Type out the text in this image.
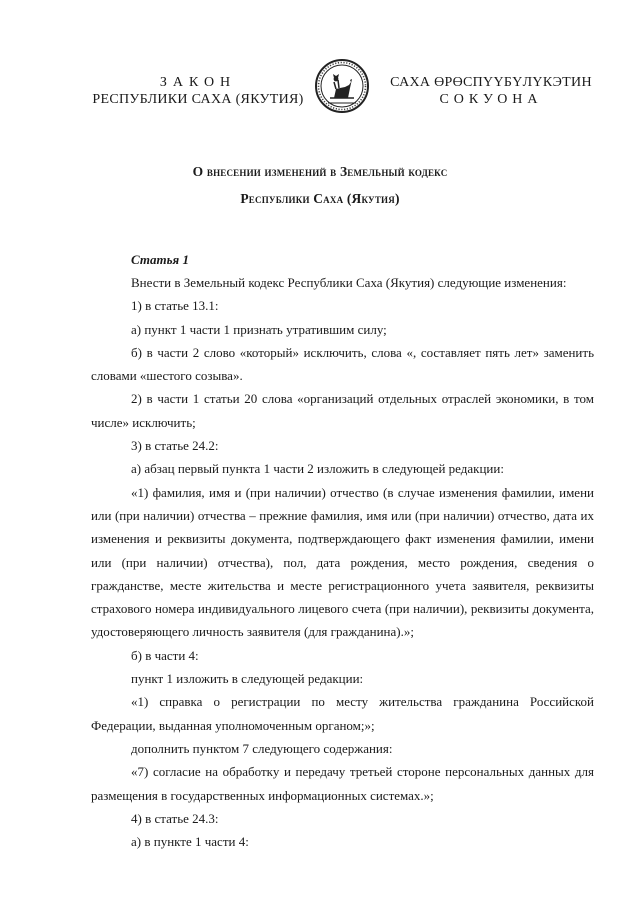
ЗАКОН
РЕСПУБЛИКИ САХА (ЯКУТИЯ)
САХА ӨРӨСПҮҮБҮЛҮКЭТИН
СОКУОНА
О внесении изменений в Земельный кодекс
Республики Саха (Якутия)
Статья 1

Внести в Земельный кодекс Республики Саха (Якутия) следующие изменения:

1) в статье 13.1:

а) пункт 1 части 1 признать утратившим силу;

б) в части 2 слово «который» исключить, слова «, составляет пять лет» заменить словами «шестого созыва».

2) в части 1 статьи 20 слова «организаций отдельных отраслей экономики, в том числе» исключить;

3) в статье 24.2:

а) абзац первый пункта 1 части 2 изложить в следующей редакции:

«1) фамилия, имя и (при наличии) отчество (в случае изменения фамилии, имени или (при наличии) отчества – прежние фамилия, имя или (при наличии) отчество, дата их изменения и реквизиты документа, подтверждающего факт изменения фамилии, имени или (при наличии) отчества), пол, дата рождения, место рождения, сведения о гражданстве, месте жительства и месте регистрационного учета заявителя, реквизиты страхового номера индивидуального лицевого счета (при наличии), реквизиты документа, удостоверяющего личность заявителя (для гражданина).»;

б) в части 4:

пункт 1 изложить в следующей редакции:

«1) справка о регистрации по месту жительства гражданина Российской Федерации, выданная уполномоченным органом;»;

дополнить пунктом 7 следующего содержания:

«7) согласие на обработку и передачу третьей стороне персональных данных для размещения в государственных информационных системах.»;

4) в статье 24.3:

а) в пункте 1 части 4:
